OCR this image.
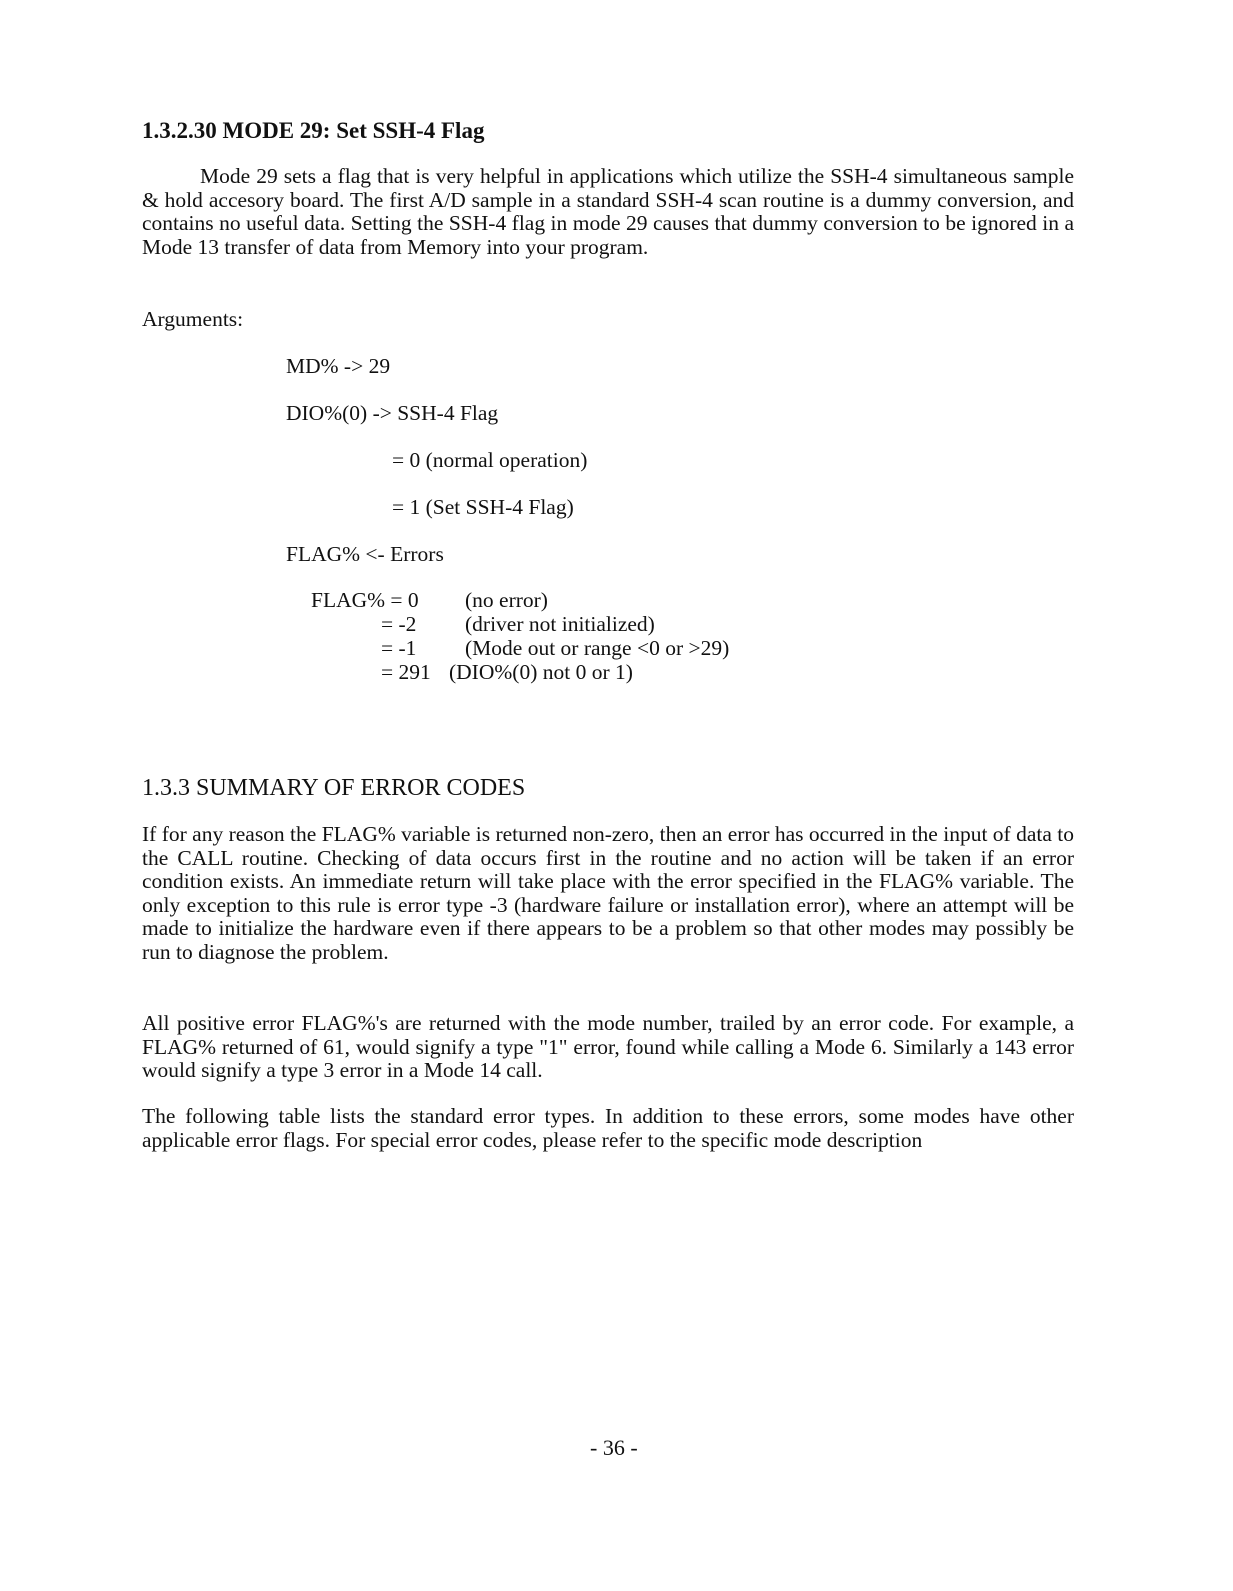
1.3.2.30 MODE 29: Set SSH-4 Flag

Mode 29 sets a flag that is very helpful in applications which utilize the SSH-4 simultaneous sample & hold accesory board. The first A/D sample in a standard SSH-4 scan routine is a dummy conversion, and contains no useful data. Setting the SSH-4 flag in mode 29 causes that dummy conversion to be ignored in a Mode 13 transfer of data from Memory into your program.

Arguments:

MD% -> 29

DIO%(0) -> SSH-4 Flag

= 0 (normal operation)

= 1 (Set SSH-4 Flag)

FLAG% <- Errors

FLAG% = 0 (no error)

= -2 (driver not initialized)

= -1 (Mode out or range <0 or >29)

= 291 (DIO%(0) not 0 or 1)

1.3.3 SUMMARY OF ERROR CODES

If for any reason the FLAG% variable is returned non-zero, then an error has occurred in the input of data to the CALL routine. Checking of data occurs first in the routine and no action will be taken if an error condition exists. An immediate return will take place with the error specified in the FLAG% variable. The only exception to this rule is error type -3 (hardware failure or installation error), where an attempt will be made to initialize the hardware even if there appears to be a problem so that other modes may possibly be run to diagnose the problem.

All positive error FLAG%'s are returned with the mode number, trailed by an error code. For example, a FLAG% returned of 61, would signify a type "1" error, found while calling a Mode 6. Similarly a 143 error would signify a type 3 error in a Mode 14 call.

The following table lists the standard error types. In addition to these errors, some modes have other applicable error flags. For special error codes, please refer to the specific mode description

- 36 -
